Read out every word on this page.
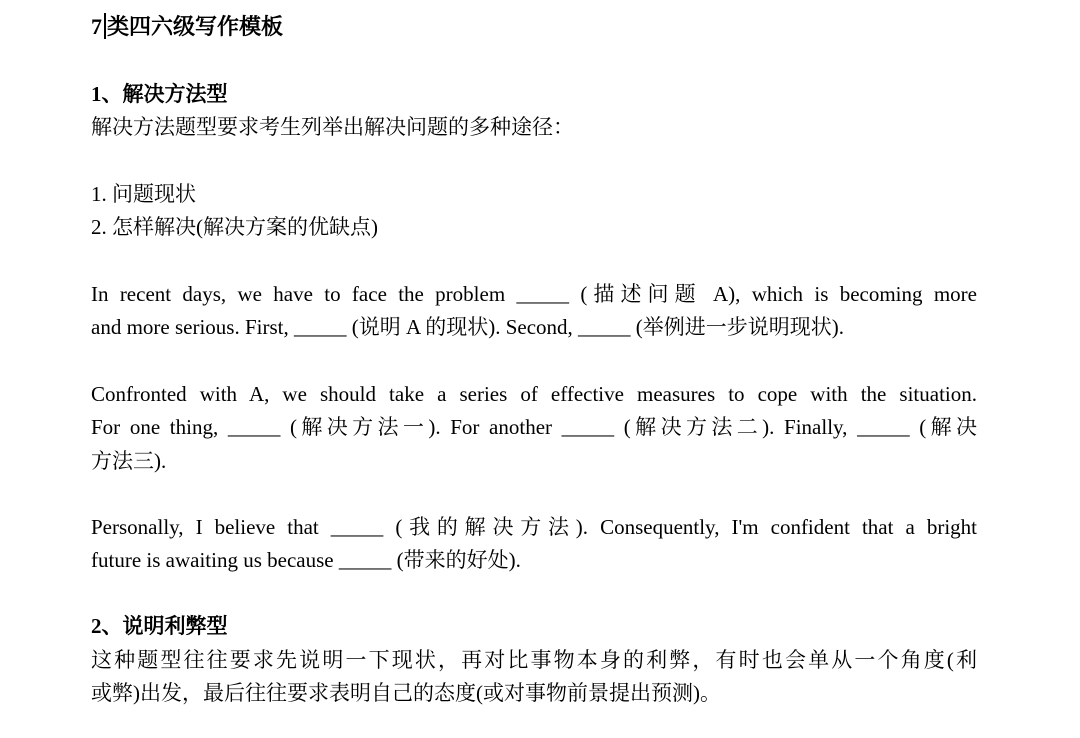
7 类四六级写作模板
1、解决方法型
解决方法题型要求考生列举出解决问题的多种途径：
1. 问题现状
2. 怎样解决(解决方案的优缺点)
In recent days, we have to face the problem _____ (描述问题 A), which is becoming more
and more serious. First, _____ (说明 A 的现状). Second, _____ (举例进一步说明现状).
Confronted with A, we should take a series of effective measures to cope with the situation.
For one thing, _____ (解决方法一). For another _____ (解决方法二). Finally, _____ (解决
方法三).
Personally, I believe that _____ (我的解决方法). Consequently, I'm confident that a bright
future is awaiting us because _____ (带来的好处).
2、说明利弊型
这种题型往往要求先说明一下现状，再对比事物本身的利弊，有时也会单从一个角度(利
或弊)出发，最后往往要求表明自己的态度(或对事物前景提出预测)。
